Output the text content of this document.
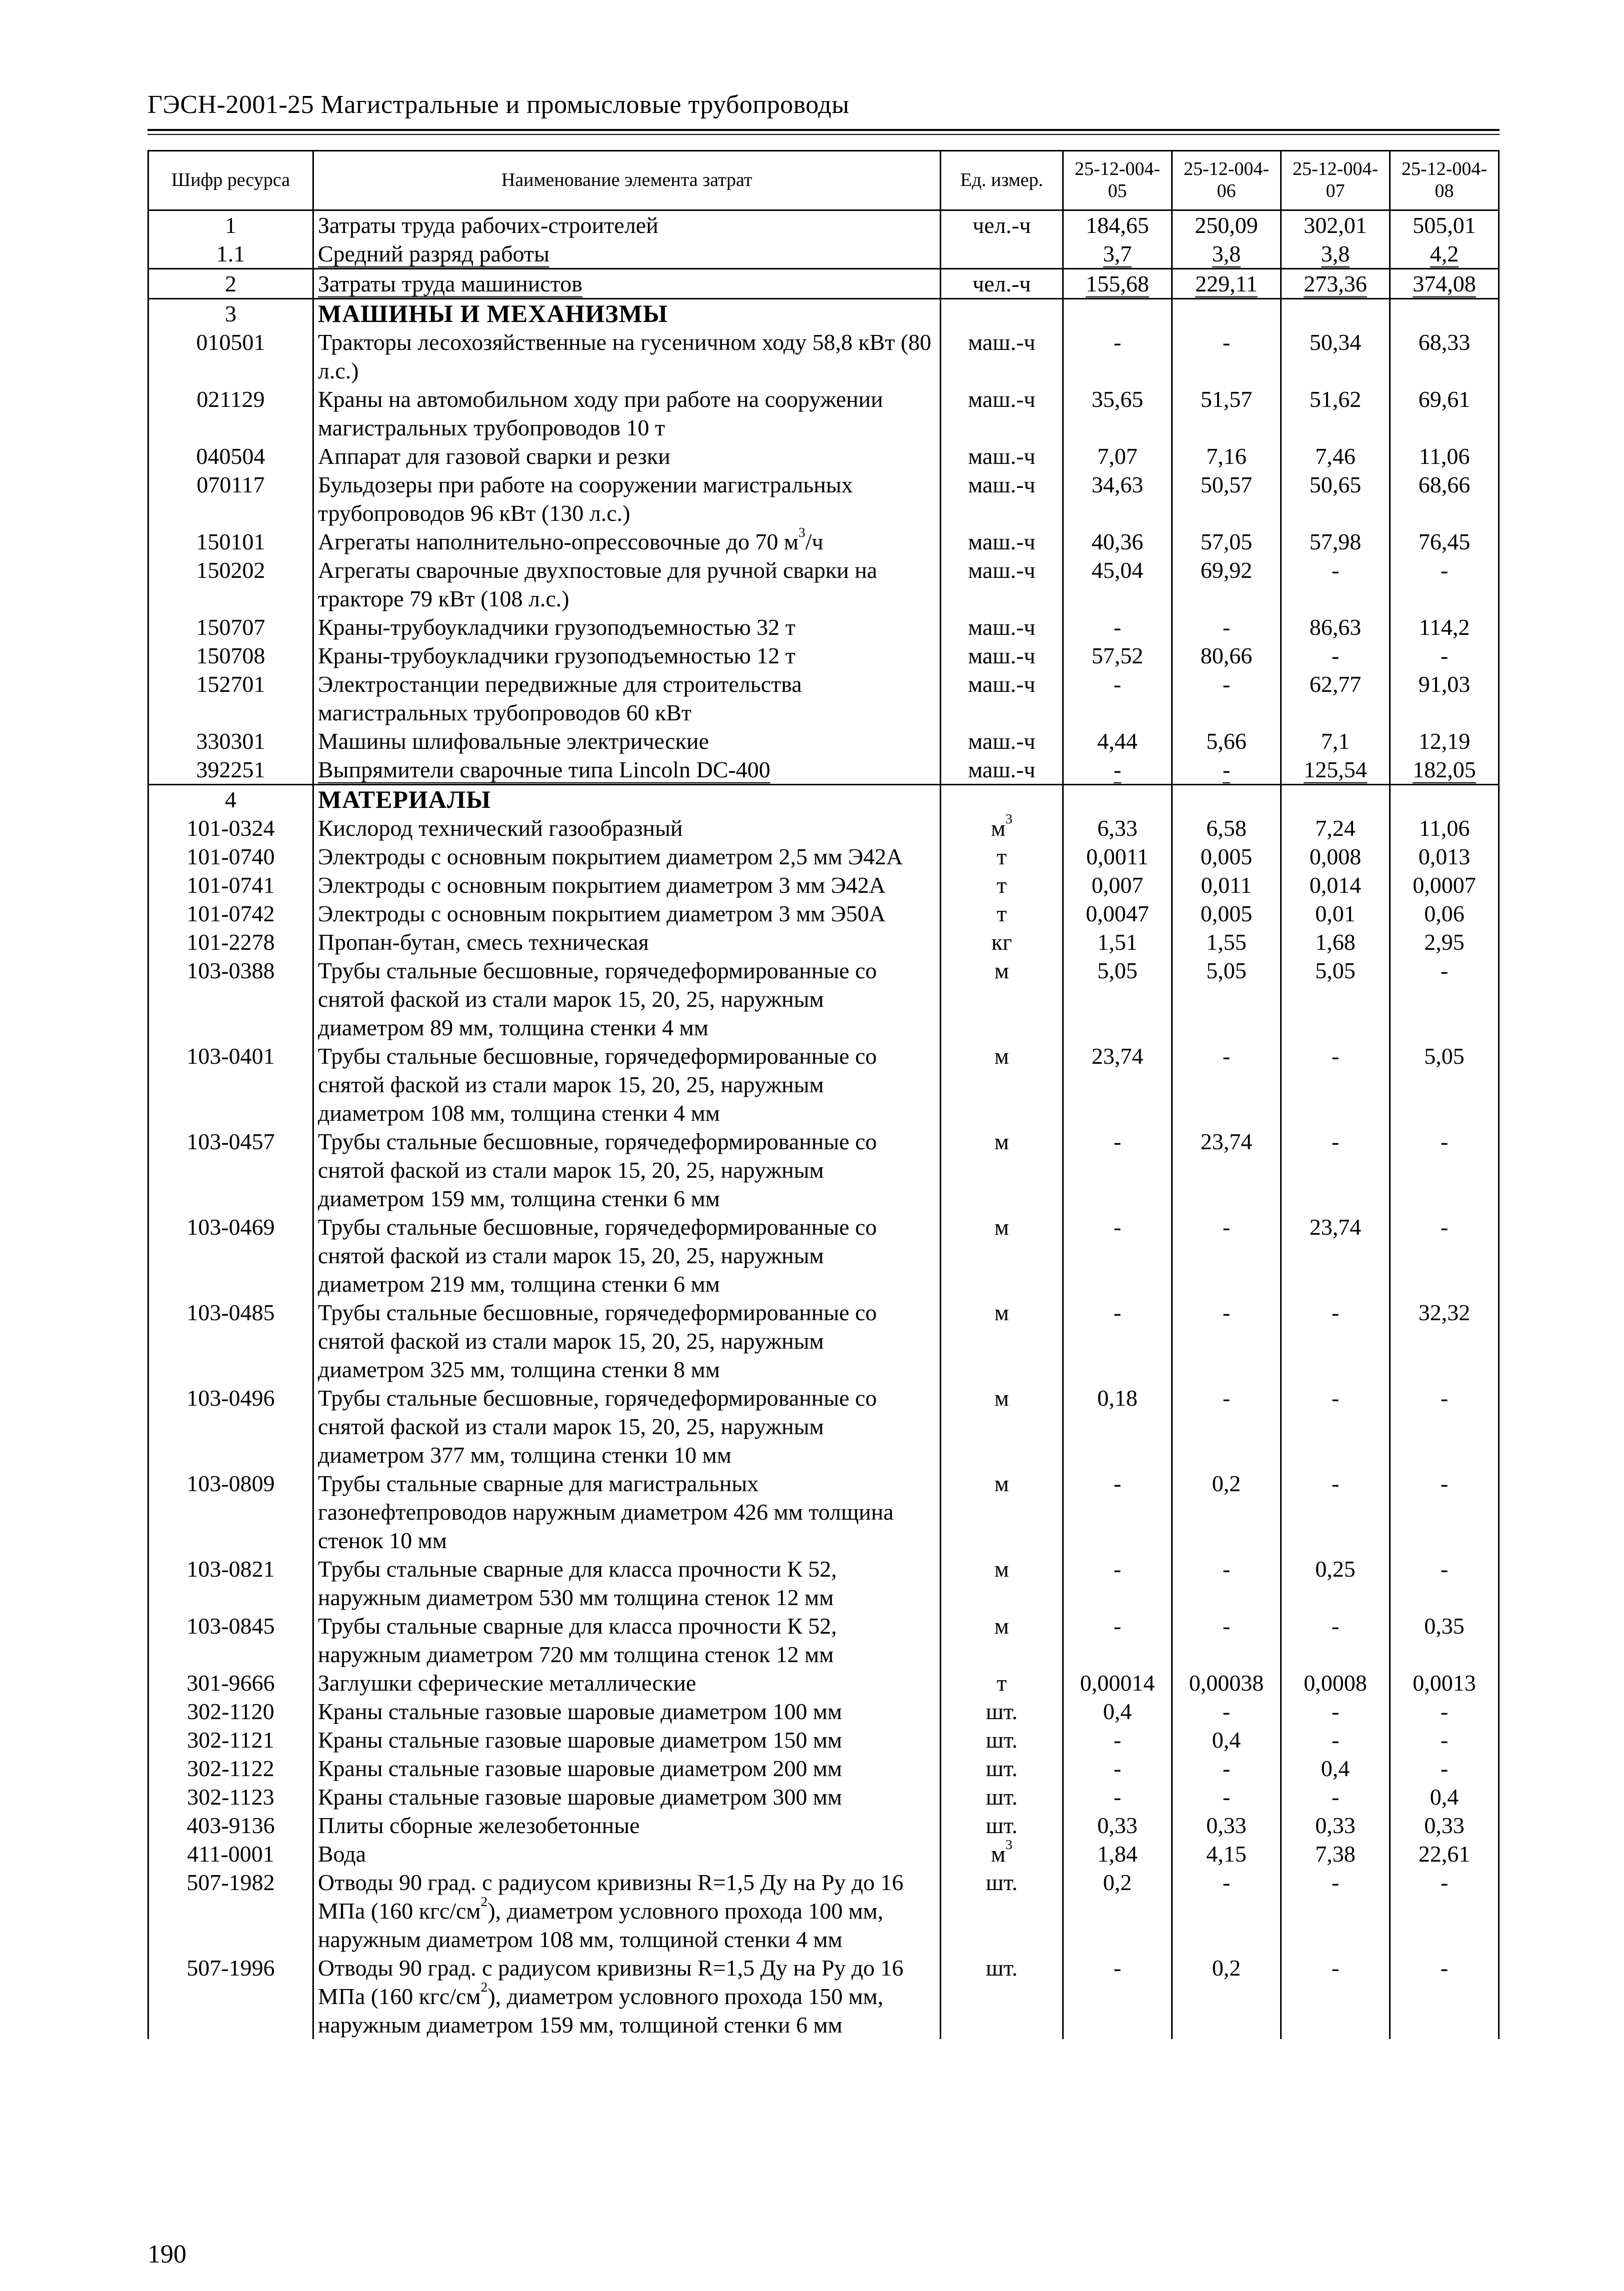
ГЭСН-2001-25 Магистральные и промысловые трубопроводы
Шифр ресурса	Наименование элемента затрат	Ед. измер.	25-12-004-05	25-12-004-06	25-12-004-07	25-12-004-08
1	Затраты труда рабочих-строителей	чел.-ч	184,65	250,09	302,01	505,01
1.1	Средний разряд работы		3,7	3,8	3,8	4,2
2	Затраты труда машинистов	чел.-ч	155,68	229,11	273,36	374,08
3	МАШИНЫ И МЕХАНИЗМЫ					
010501	Тракторы лесохозяйственные на гусеничном ходу 58,8 кВт (80 л.с.)	маш.-ч	-	-	50,34	68,33
021129	Краны на автомобильном ходу при работе на сооружении магистральных трубопроводов 10 т	маш.-ч	35,65	51,57	51,62	69,61
040504	Аппарат для газовой сварки и резки	маш.-ч	7,07	7,16	7,46	11,06
070117	Бульдозеры при работе на сооружении магистральных трубопроводов 96 кВт (130 л.с.)	маш.-ч	34,63	50,57	50,65	68,66
150101	Агрегаты наполнительно-опрессовочные до 70 $м^3/ч$	маш.-ч	40,36	57,05	57,98	76,45
150202	Агрегаты сварочные двухпостовые для ручной сварки на тракторе 79 кВт (108 л.с.)	маш.-ч	45,04	69,92	-	-
150707	Краны-трубоукладчики грузоподъемностью 32 т	маш.-ч	-	-	86,63	114,2
150708	Краны-трубоукладчики грузоподъемностью 12 т	маш.-ч	57,52	80,66	-	-
152701	Электростанции передвижные для строительства магистральных трубопроводов 60 кВт	маш.-ч	-	-	62,77	91,03
330301	Машины шлифовальные электрические	маш.-ч	4,44	5,66	7,1	12,19
392251	Выпрямители сварочные типа Lincoln DC-400	маш.-ч	-	-	125,54	182,05
4	МАТЕРИАЛЫ					
101-0324	Кислород технический газообразный	$м^3$	6,33	6,58	7,24	11,06
101-0740	Электроды с основным покрытием диаметром 2,5 мм Э42А	т	0,0011	0,005	0,008	0,013
101-0741	Электроды с основным покрытием диаметром 3 мм Э42А	т	0,007	0,011	0,014	0,0007
101-0742	Электроды с основным покрытием диаметром 3 мм Э50А	т	0,0047	0,005	0,01	0,06
101-2278	Пропан-бутан, смесь техническая	кг	1,51	1,55	1,68	2,95
103-0388	Трубы стальные бесшовные, горячедеформированные со снятой фаской из стали марок 15, 20, 25, наружным диаметром 89 мм, толщина стенки 4 мм	м	5,05	5,05	5,05	-
103-0401	Трубы стальные бесшовные, горячедеформированные со снятой фаской из стали марок 15, 20, 25, наружным диаметром 108 мм, толщина стенки 4 мм	м	23,74	-	-	5,05
103-0457	Трубы стальные бесшовные, горячедеформированные со снятой фаской из стали марок 15, 20, 25, наружным диаметром 159 мм, толщина стенки 6 мм	м	-	23,74	-	-
103-0469	Трубы стальные бесшовные, горячедеформированные со снятой фаской из стали марок 15, 20, 25, наружным диаметром 219 мм, толщина стенки 6 мм	м	-	-	23,74	-
103-0485	Трубы стальные бесшовные, горячедеформированные со снятой фаской из стали марок 15, 20, 25, наружным диаметром 325 мм, толщина стенки 8 мм	м	-	-	-	32,32
103-0496	Трубы стальные бесшовные, горячедеформированные со снятой фаской из стали марок 15, 20, 25, наружным диаметром 377 мм, толщина стенки 10 мм	м	0,18	-	-	-
103-0809	Трубы стальные сварные для магистральных газонефтепроводов наружным диаметром 426 мм толщина стенок 10 мм	м	-	0,2	-	-
103-0821	Трубы стальные сварные для класса прочности К 52, наружным диаметром 530 мм толщина стенок 12 мм	м	-	-	0,25	-
103-0845	Трубы стальные сварные для класса прочности К 52, наружным диаметром 720 мм толщина стенок 12 мм	м	-	-	-	0,35
301-9666	Заглушки сферические металлические	т	0,00014	0,00038	0,0008	0,0013
302-1120	Краны стальные газовые шаровые диаметром 100 мм	шт.	0,4	-	-	-
302-1121	Краны стальные газовые шаровые диаметром 150 мм	шт.	-	0,4	-	-
302-1122	Краны стальные газовые шаровые диаметром 200 мм	шт.	-	-	0,4	-
302-1123	Краны стальные газовые шаровые диаметром 300 мм	шт.	-	-	-	0,4
403-9136	Плиты сборные железобетонные	шт.	0,33	0,33	0,33	0,33
411-0001	Вода	$м^3$	1,84	4,15	7,38	22,61
507-1982	Отводы 90 град. с радиусом кривизны R=1,5 Ду на Ру до 16 МПа (160 кгс/$см^2$), диаметром условного прохода 100 мм, наружным диаметром 108 мм, толщиной стенки 4 мм	шт.	0,2	-	-	-
507-1996	Отводы 90 град. с радиусом кривизны R=1,5 Ду на Ру до 16 МПа (160 кгс/$см^2$), диаметром условного прохода 150 мм, наружным диаметром 159 мм, толщиной стенки 6 мм	шт.	-	0,2	-	-
190
